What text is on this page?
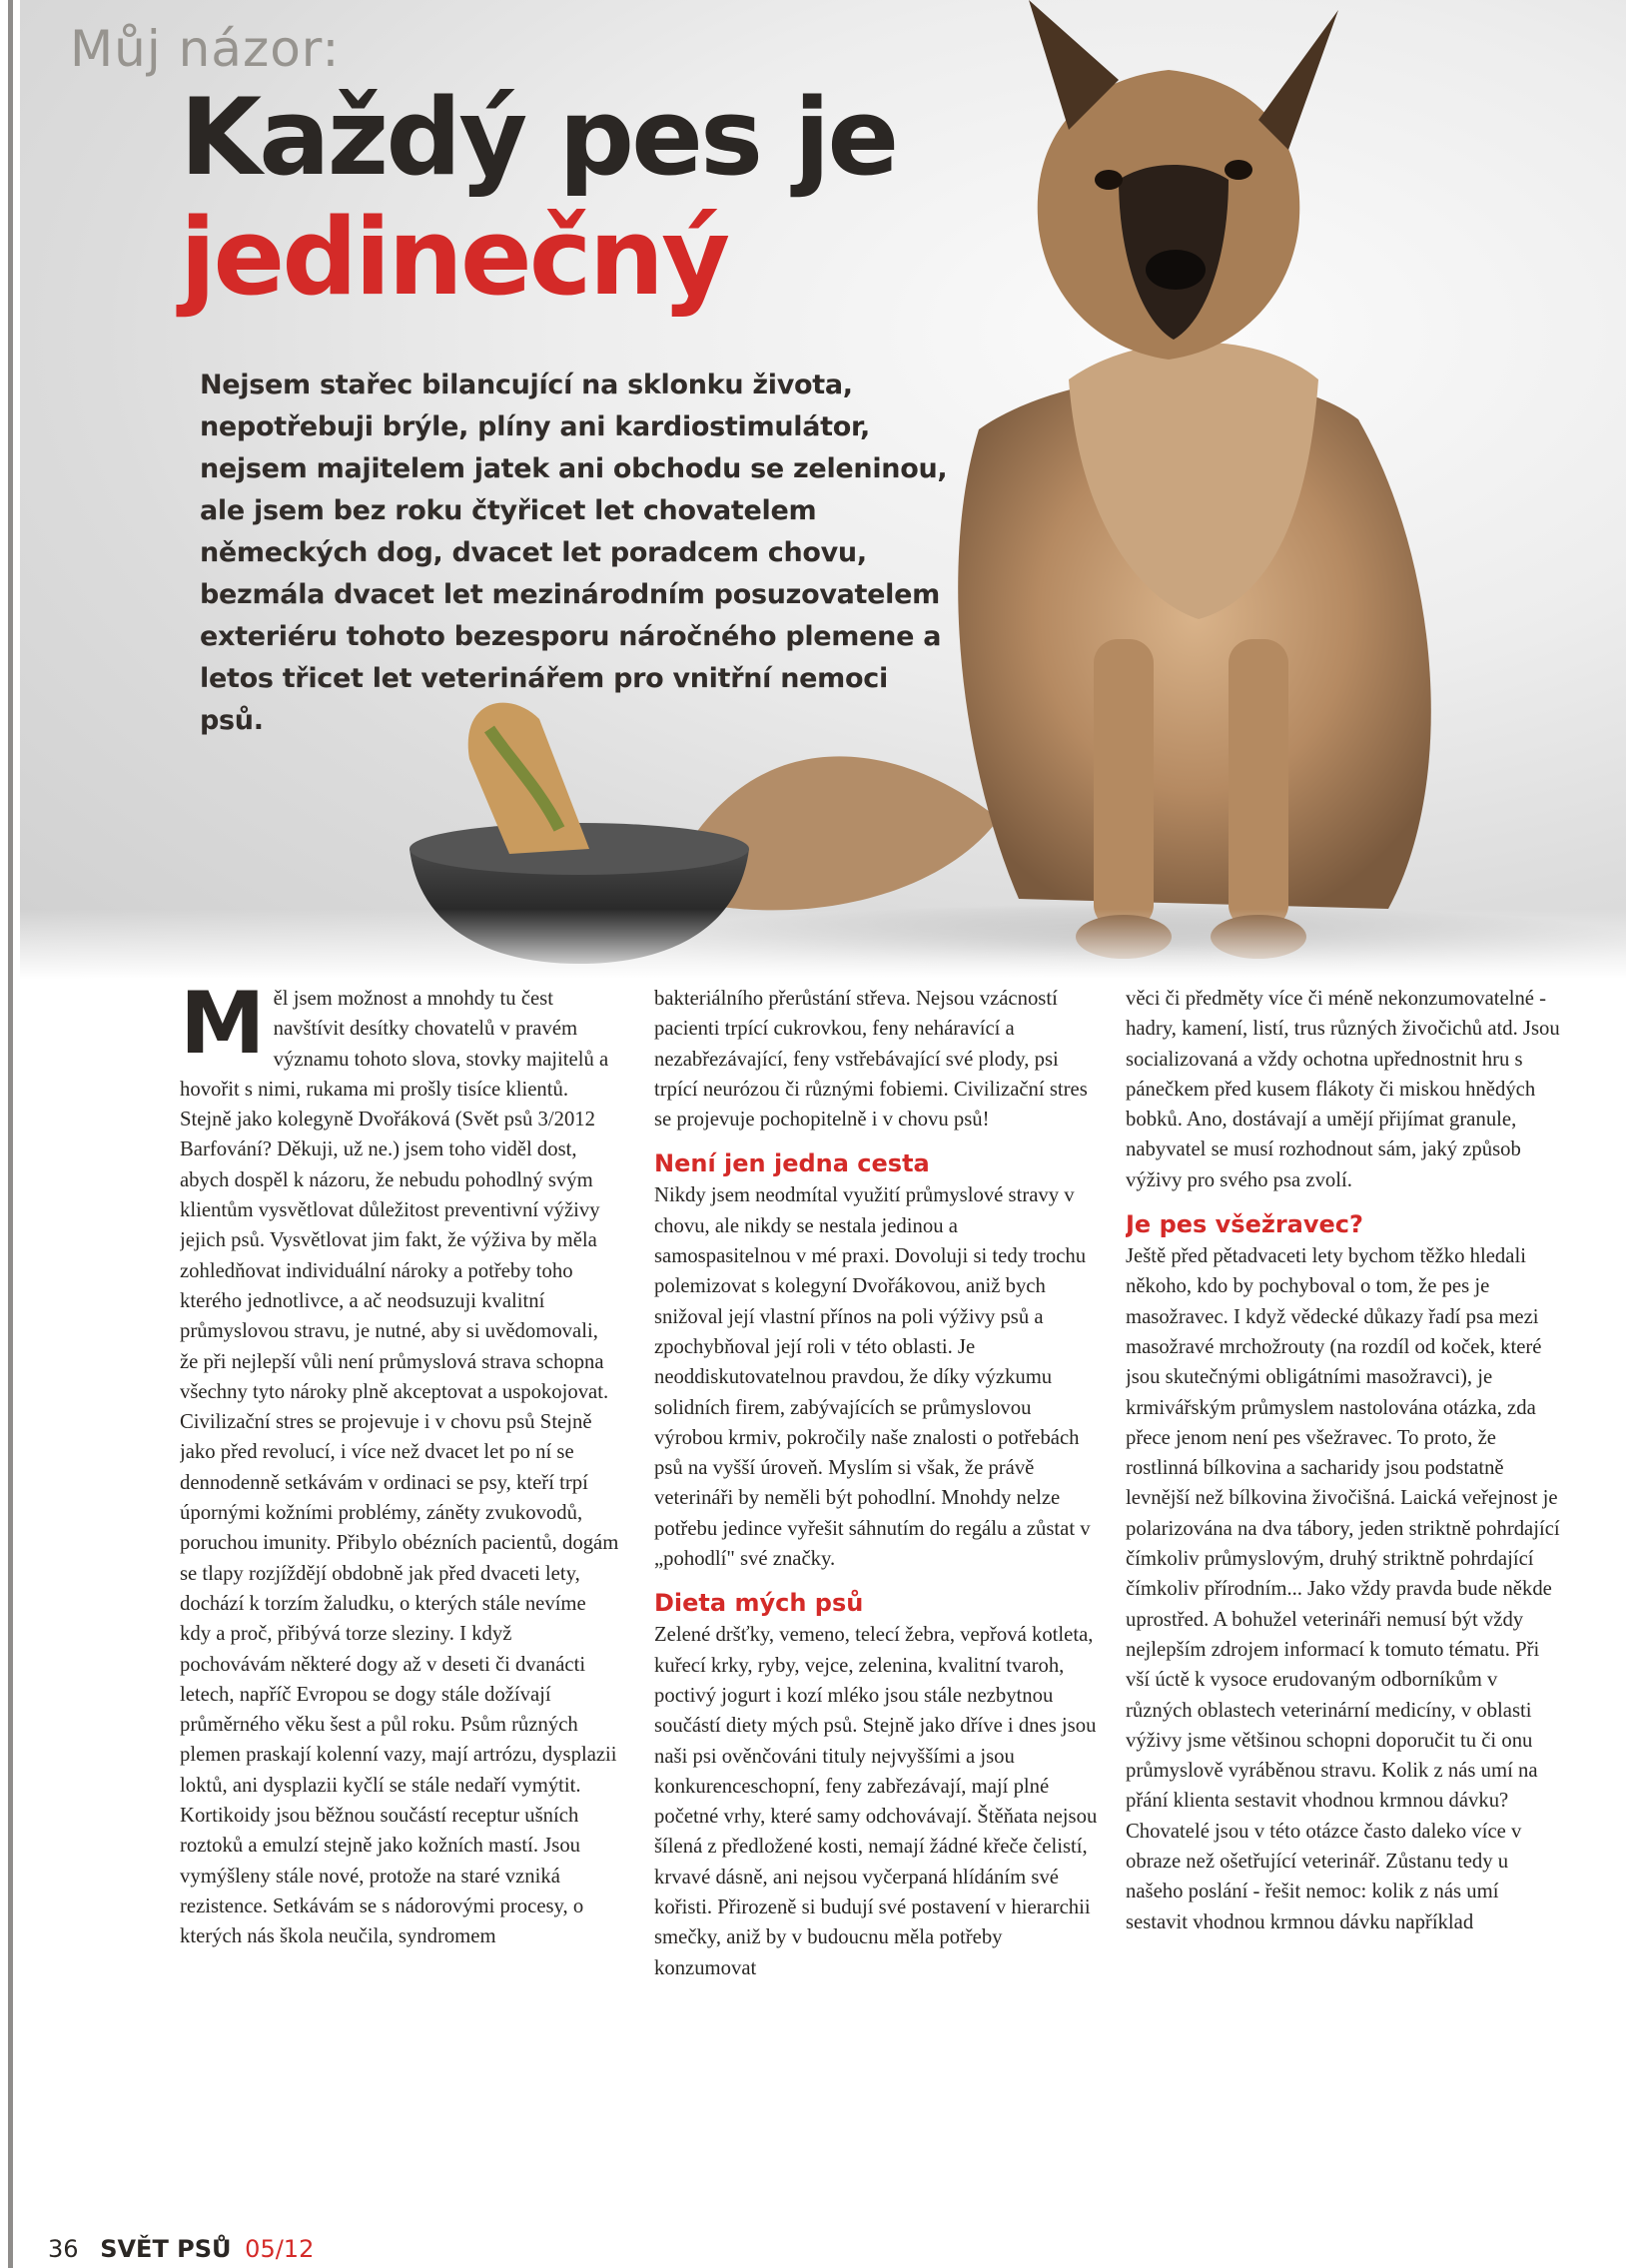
Můj názor:
Každý pes je
jedinečný

Nejsem stařec bilancující na sklonku života, nepotřebuji brýle, plíny ani kardiostimulátor, nejsem majitelem jatek ani obchodu se zeleninou, ale jsem bez roku čtyřicet let chovatelem německých dog, dvacet let poradcem chovu, bezmála dvacet let mezinárodním posuzovatelem exteriéru tohoto bezesporu náročného plemene a letos třicet let veterinářem pro vnitřní nemoci psů.

Měl jsem možnost a mnohdy tu čest navštívit desítky chovatelů v pravém významu tohoto slova, stovky majitelů a hovořit s nimi, rukama mi prošly tisíce klientů. Stejně jako kolegyně Dvořáková (Svět psů 3/2012 Barfování? Děkuji, už ne.) jsem toho viděl dost, abych dospěl k názoru, že nebudu pohodlný svým klientům vysvětlovat důležitost preventivní výživy jejich psů. Vysvětlovat jim fakt, že výživa by měla zohledňovat individuální nároky a potřeby toho kterého jednotlivce, a ač neodsuzuji kvalitní průmyslovou stravu, je nutné, aby si uvědomovali, že při nejlepší vůli není průmyslová strava schopna všechny tyto nároky plně akceptovat a uspokojovat.

Civilizační stres se projevuje i v chovu psů Stejně jako před revolucí, i více než dvacet let po ní se dennodenně setkávám v ordinaci se psy, kteří trpí úpornými kožními problémy, záněty zvukovodů, poruchou imunity. Přibylo obézních pacientů, dogám se tlapy rozjíždějí obdobně jak před dvaceti lety, dochází k torzím žaludku, o kterých stále nevíme kdy a proč, přibývá torze sleziny. I když pochovávám některé dogy až v deseti či dvanácti letech, napříč Evropou se dogy stále dožívají průměrného věku šest a půl roku. Psům různých plemen praskají kolenní vazy, mají artrózu, dysplazii loktů, ani dysplazii kyčlí se stále nedaří vymýtit. Kortikoidy jsou běžnou součástí receptur ušních roztoků a emulzí stejně jako kožních mastí. Jsou vymýšleny stále nové, protože na staré vzniká rezistence. Setkávám se s nádorovými procesy, o kterých nás škola neučila, syndromem

bakteriálního přerůstání střeva. Nejsou vzácností pacienti trpící cukrovkou, feny neháravící a nezabřezávající, feny vstřebávající své plody, psi trpící neurózou či různými fobiemi. Civilizační stres se projevuje pochopitelně i v chovu psů!

Není jen jedna cesta

Nikdy jsem neodmítal využití průmyslové stravy v chovu, ale nikdy se nestala jedinou a samospasitelnou v mé praxi. Dovoluji si tedy trochu polemizovat s kolegyní Dvořákovou, aniž bych snižoval její vlastní přínos na poli výživy psů a zpochybňoval její roli v této oblasti. Je neoddiskutovatelnou pravdou, že díky výzkumu solidních firem, zabývajících se průmyslovou výrobou krmiv, pokročily naše znalosti o potřebách psů na vyšší úroveň. Myslím si však, že právě veterináři by neměli být pohodlní. Mnohdy nelze potřebu jedince vyřešit sáhnutím do regálu a zůstat v „pohodlí" své značky.

Dieta mých psů

Zelené dršťky, vemeno, telecí žebra, vepřová kotleta, kuřecí krky, ryby, vejce, zelenina, kvalitní tvaroh, poctivý jogurt i kozí mléko jsou stále nezbytnou součástí diety mých psů. Stejně jako dříve i dnes jsou naši psi ověnčováni tituly nejvyššími a jsou konkurenceschopní, feny zabřezávají, mají plné početné vrhy, které samy odchovávají. Štěňata nejsou šílená z předložené kosti, nemají žádné křeče čelistí, krvavé dásně, ani nejsou vyčerpaná hlídáním své kořisti. Přirozeně si budují své postavení v hierarchii smečky, aniž by v budoucnu měla potřeby konzumovat

věci či předměty více či méně nekonzumovatelné - hadry, kamení, listí, trus různých živočichů atd. Jsou socializovaná a vždy ochotna upřednostnit hru s pánečkem před kusem flákoty či miskou hnědých bobků. Ano, dostávají a umějí přijímat granule, nabyvatel se musí rozhodnout sám, jaký způsob výživy pro svého psa zvolí.

Je pes všežravec?

Ještě před pětadvaceti lety bychom těžko hledali někoho, kdo by pochyboval o tom, že pes je masožravec. I když vědecké důkazy řadí psa mezi masožravé mrchožrouty (na rozdíl od koček, které jsou skutečnými obligátními masožravci), je krmivářským průmyslem nastolována otázka, zda přece jenom není pes všežravec. To proto, že rostlinná bílkovina a sacharidy jsou podstatně levnější než bílkovina živočišná. Laická veřejnost je polarizována na dva tábory, jeden striktně pohrdající čímkoliv průmyslovým, druhý striktně pohrdající čímkoliv přírodním... Jako vždy pravda bude někde uprostřed. A bohužel veterináři nemusí být vždy nejlepším zdrojem informací k tomuto tématu. Při vší úctě k vysoce erudovaným odborníkům v různých oblastech veterinární medicíny, v oblasti výživy jsme většinou schopni doporučit tu či onu průmyslově vyráběnou stravu. Kolik z nás umí na přání klienta sestavit vhodnou krmnou dávku? Chovatelé jsou v této otázce často daleko více v obraze než ošetřující veterinář. Zůstanu tedy u našeho poslání - řešit nemoc: kolik z nás umí sestavit vhodnou krmnou dávku například

36 SVĚT PSŮ 05/12
